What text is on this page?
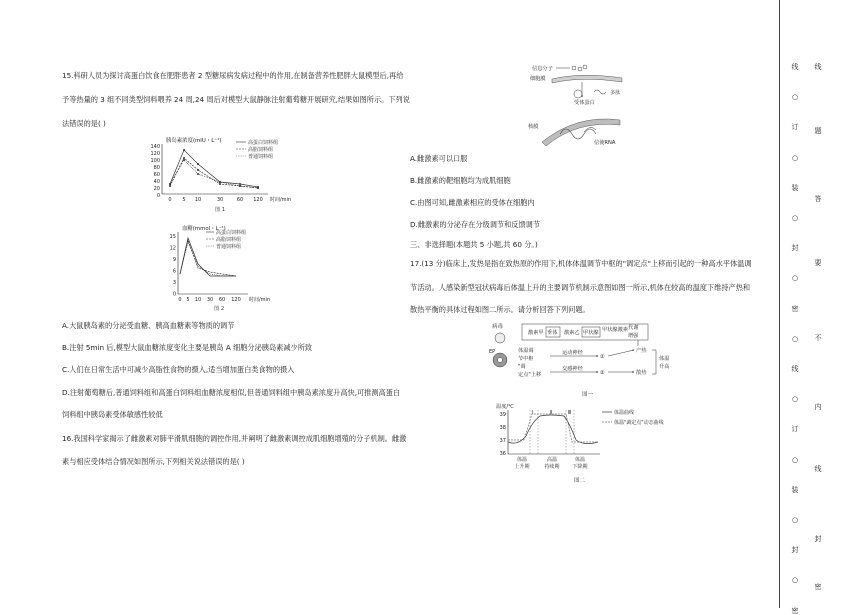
15.科研人员为探讨高蛋白饮食在肥胖患者 2 型糖尿病发病过程中的作用,在制备营养性肥胖大鼠模型后,再给
予等热量的 3 组不同类型饲料喂养 24 周,24 周后对模型大鼠静脉注射葡萄糖开展研究,结果如图所示。下列说
法错误的是( )
胰岛素浓度(mIU・L⁻¹)
140
120
100
80
60
40
20
0
0 5 10	30	60 120 时间/min
高蛋白饲料组
高脂饲料组
普通饲料组
图 1
血糖(mmol・L⁻¹)
15
12
9
6
3
0
0 5 10 30 60 120 时间/min
高蛋白饲料组
高脂饲料组
普通饲料组
图 2
A.大鼠胰岛素的分泌受血糖、胰高血糖素等物质的调节
B.注射 5min 后,模型大鼠血糖浓度变化主要是胰岛 A 细胞分泌胰岛素减少所致
C.人们在日常生活中可减少高脂性食物的摄入,适当增加蛋白类食物的摄入
D.注射葡萄糖后,普通饲料组和高蛋白饲料组血糖浓度相似,但普通饲料组中胰岛素浓度升高快,可推测高蛋白
饲料组中胰岛素受体敏感性较低
16.我国科学家揭示了雌激素对肺平滑肌细胞的调控作用,并阐明了雌激素调控成肌细胞增殖的分子机制。雌激
素与相应受体结合情况如图所示,下列相关说法错误的是( )
信息分子
细胞膜
受体蛋白
多肽
核膜
信使RNA
A.雌激素可以口服
B.雌激素的靶细胞均为成肌细胞
C.由图可知,雌激素相应的受体在细胞内
D.雌激素的分泌存在分级调节和反馈调节
三、非选择题(本题共 5 小题,共 60 分。)
17.(13 分)临床上,发热是指在致热原的作用下,机体体温调节中枢的"调定点"上移而引起的一种高水平体温调
节活动。人感染新型冠状病毒后体温上升的主要调节机制示意图如图一所示,机体在较高的温度下维持产热和
散热平衡的具体过程如图二所示。请分析回答下列问题。
病毒
EP
激素甲 垂体 激素乙 甲状腺 甲状腺激素 代谢
增强
体温调
节中枢
"调
定点"上移
运动神经
①
交感神经
②
产热
散热
体温
升高
图一
温度/℃
39
38
37
36
Ⅰ	Ⅱ	Ⅲ	体温曲线
体温"调定点"动态曲线
体温
上升期
高温
持续期
体温
下降期
图二
线
○
订
○
装
○
封
○
密
○
线
○
订
○
装
○
封
○
密
线
题
答
要
不
内
线
封
密
